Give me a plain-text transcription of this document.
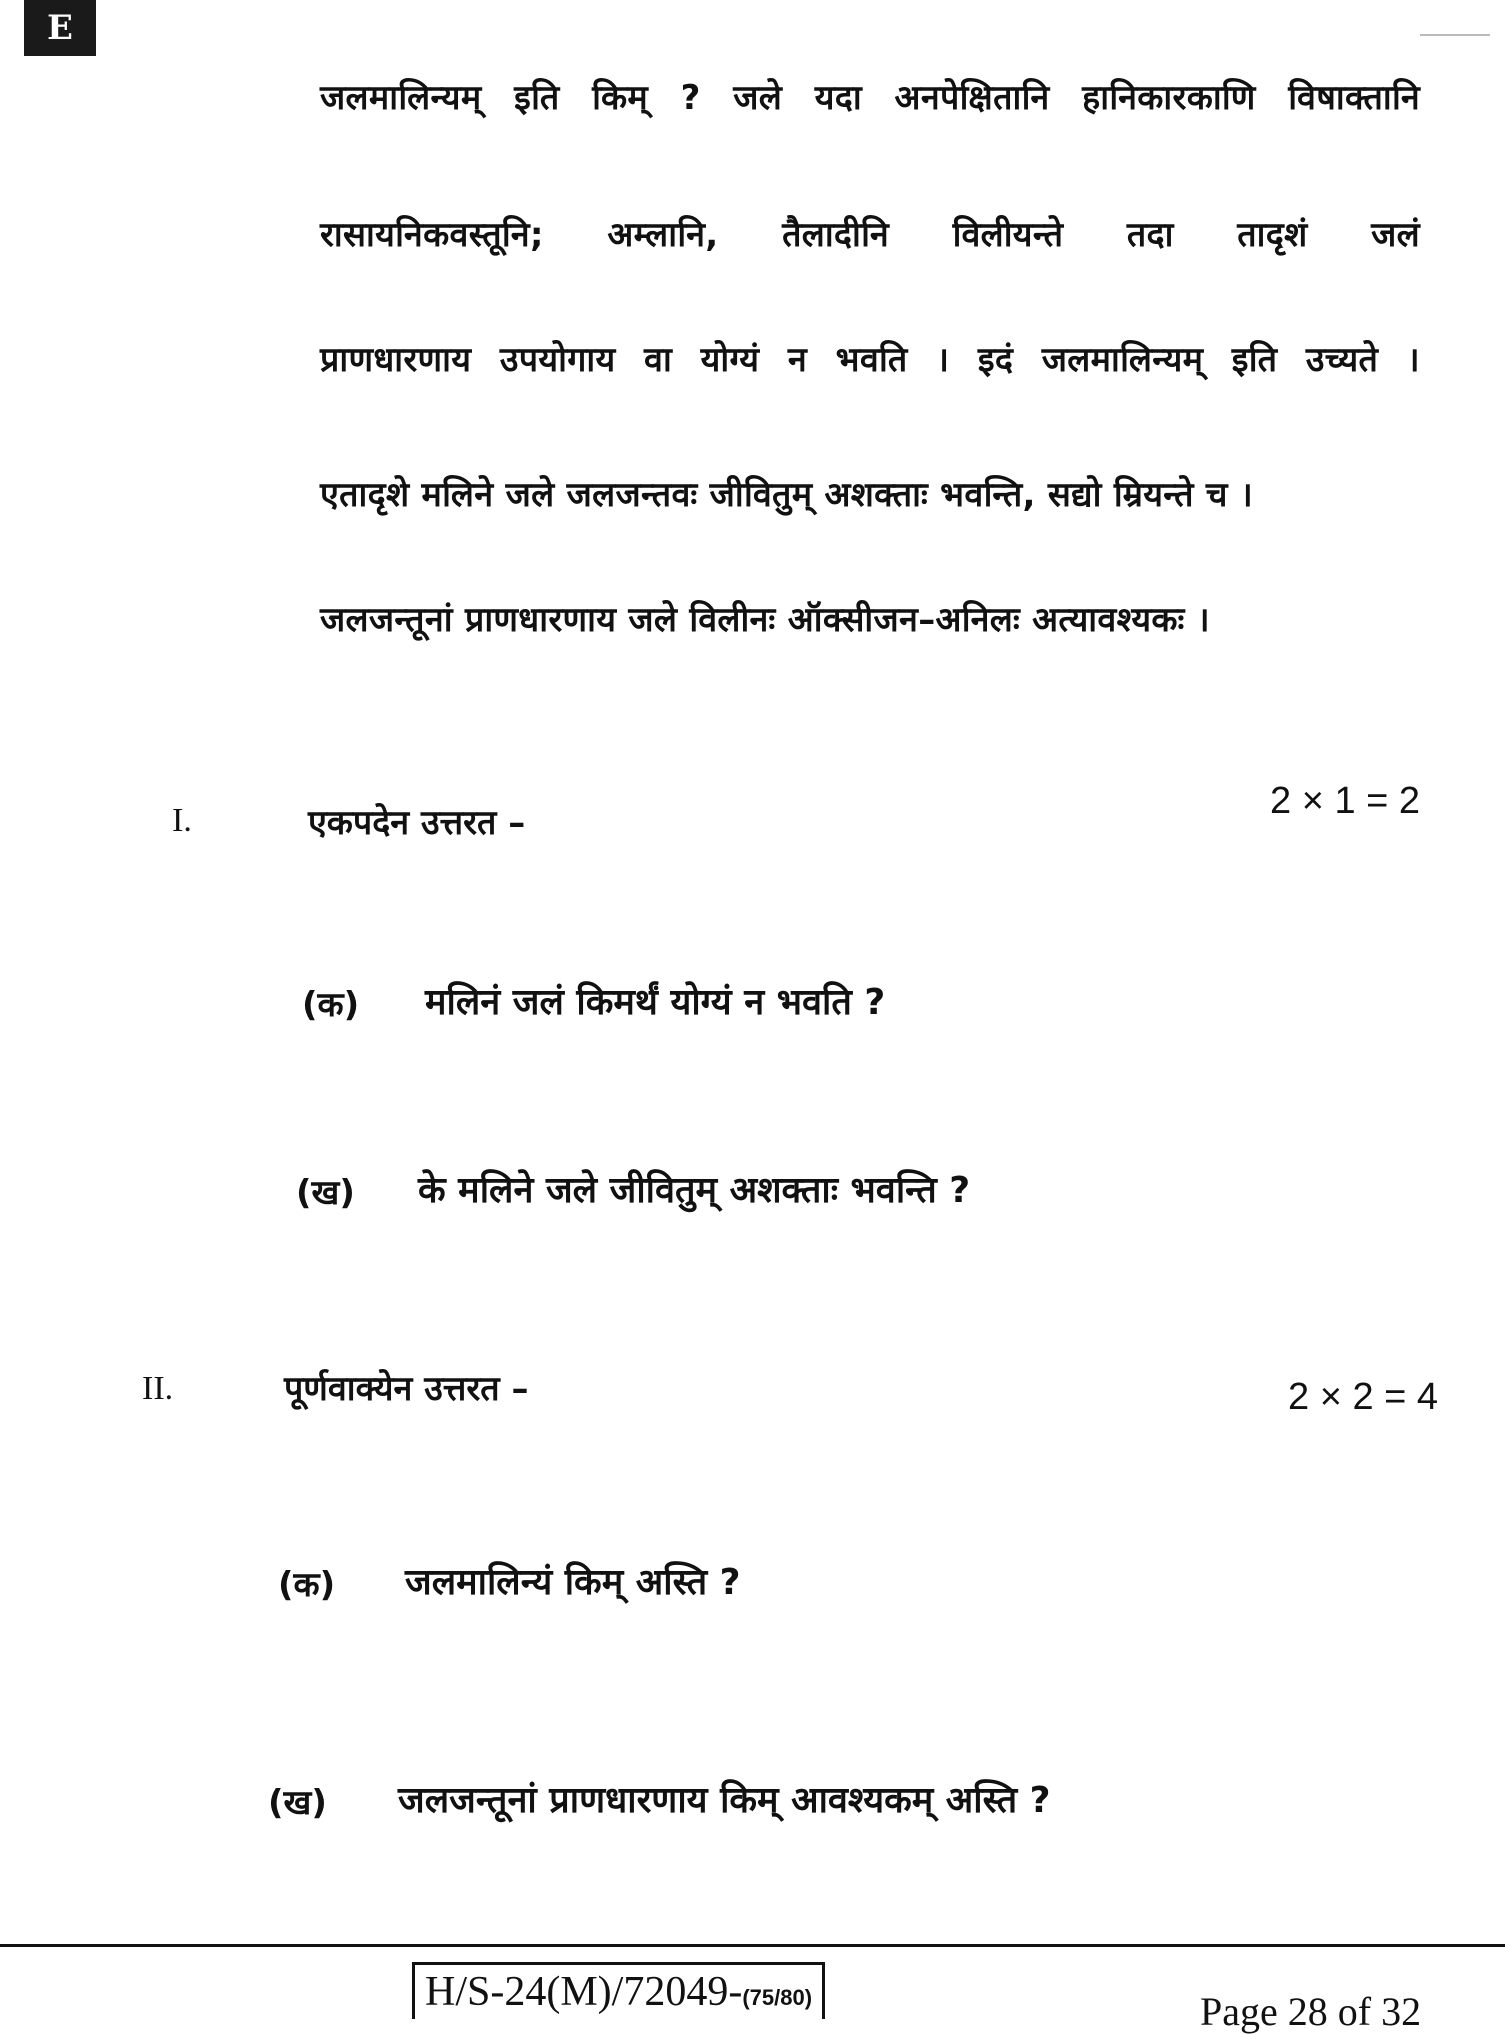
E
जलमालिन्यम् इति किम् ? जले यदा अनपेक्षितानि हानिकारकाणि विषाक्तानि
रासायनिकवस्तूनि; अम्लानि, तैलादीनि विलीयन्ते तदा तादृशं जलं
प्राणधारणाय उपयोगाय वा योग्यं न भवति । इदं जलमालिन्यम् इति उच्यते ।
एतादृशे मलिने जले जलजन्तवः जीवितुम् अशक्ताः भवन्ति, सद्यो म्रियन्ते च ।
जलजन्तूनां प्राणधारणाय जले विलीनः ऑक्सीजन–अनिलः अत्यावश्यकः ।
I.	एकपदेन उत्तरत –
2 × 1 = 2
(क) मलिनं जलं किमर्थं योग्यं न भवति ?
(ख) के मलिने जले जीवितुम् अशक्ताः भवन्ति ?
II.	पूर्णवाक्येन उत्तरत –	2 × 2 = 4
(क) जलमालिन्यं किम् अस्ति ?
(ख) जलजन्तूनां प्राणधारणाय किम् आवश्यकम् अस्ति ?
H/S-24(M)/72049-(75/80)	Page 28 of 32
